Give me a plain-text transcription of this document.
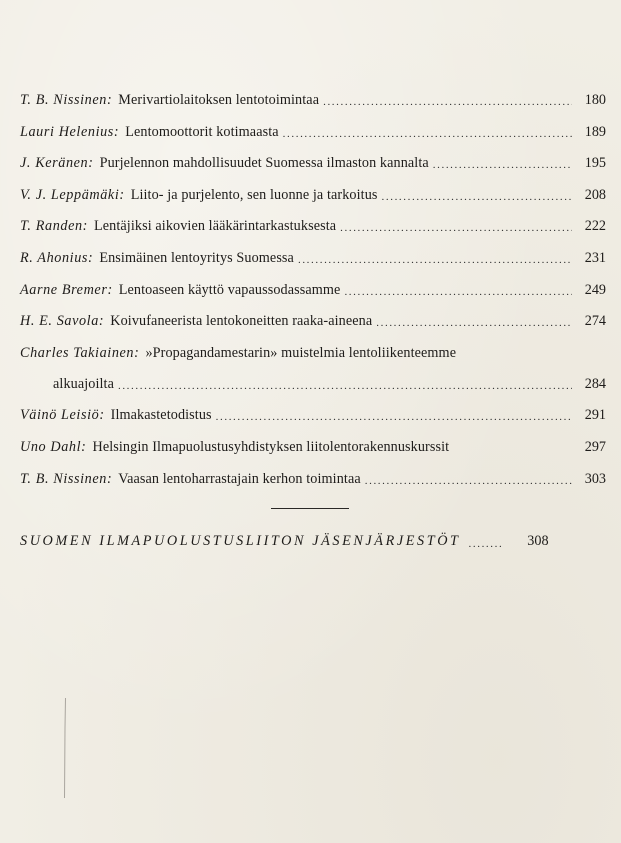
T. B. Nissinen: Merivartiolaitoksen lentotoimintaa .....	180
Lauri Helenius: Lentomoottorit kotimaasta .....	189
J. Keränen: Purjelennon mahdollisuudet Suomessa ilmaston kannalta .....	195
V. J. Leppämäki: Liito- ja purjelento, sen luonne ja tarkoitus .....	208
T. Randen: Lentäjiksi aikovien lääkärintarkastuksesta .....	222
R. Ahonius: Ensimäinen lentoyritys Suomessa .....	231
Aarne Bremer: Lentoaseen käyttö vapaussodassamme .....	249
H. E. Savola: Koivufaneerista lentokoneitten raaka-aineena .....	274
Charles Takiainen: »Propagandamestarin» muistelmia lentoliikenteemme
alkuajoilta .....	284
Väinö Leisiö: Ilmakastetodistus .....	291
Uno Dahl: Helsingin Ilmapuolustusyhdistyksen liitolentorakennuskurssit	297
T. B. Nissinen: Vaasan lentoharrastajain kerhon toimintaa .....	303
SUOMEN ILMAPUOLUSTUSLIITON JÄSENJÄRJESTÖT .....	308
